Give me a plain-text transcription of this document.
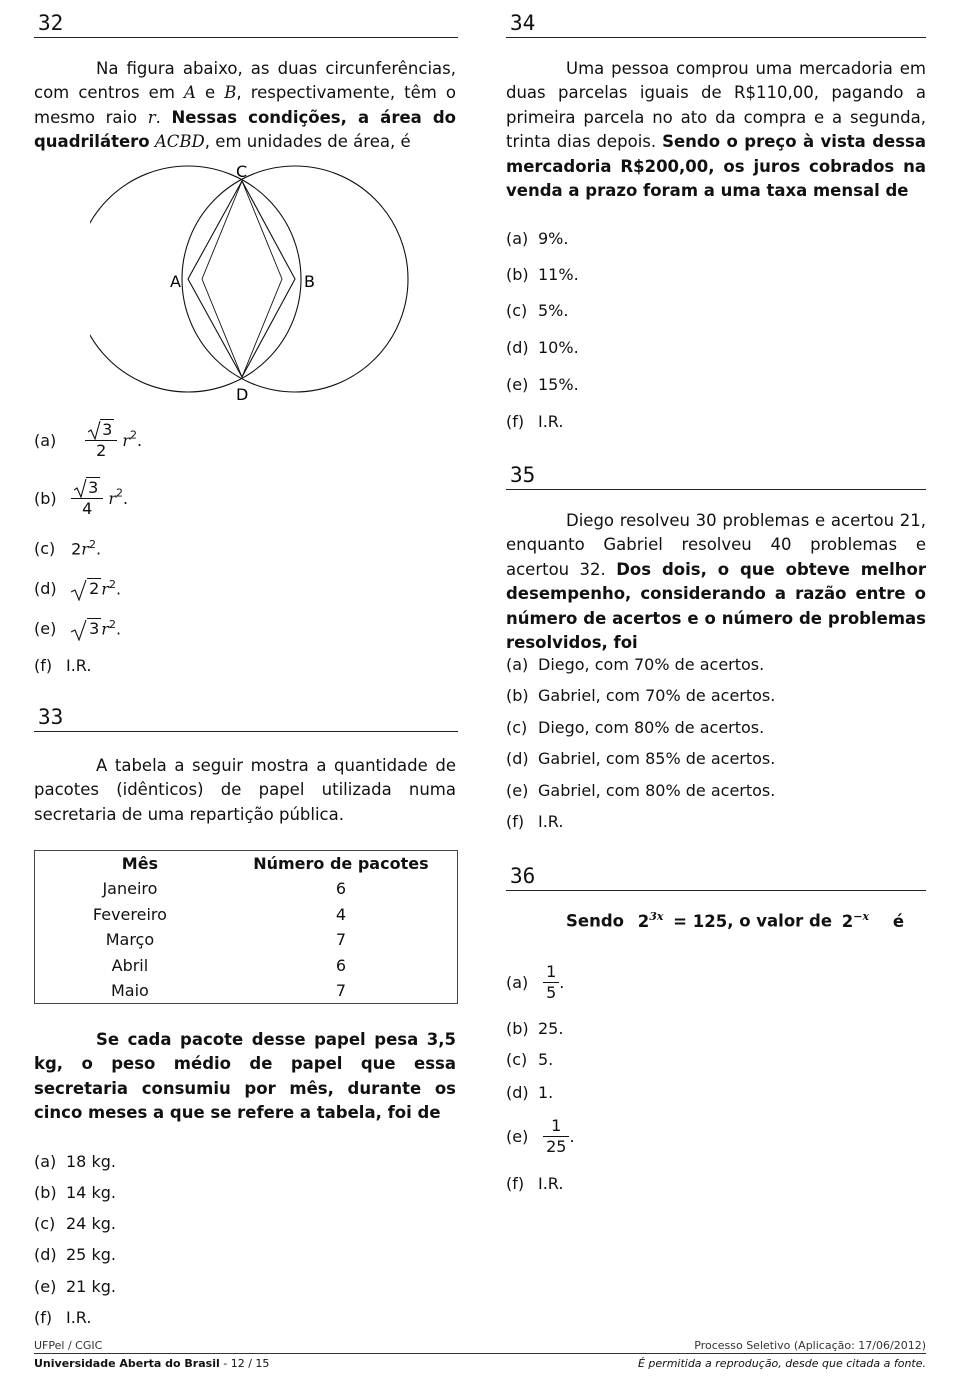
32
Na figura abaixo, as duas circunferências, com centros em A e B, respectivamente, têm o mesmo raio r. Nessas condições, a área do quadrilátero ACBD, em unidades de área, é
C
A	B
D
$(a) \frac{3}{2} r^2$.
$(b) \frac{3}{4} r^2$.
(c) $2r^2$.
(d) 2 $r^2$.
(e) 3 $r^2$.
(f) I.R.
33
A tabela a seguir mostra a quantidade de pacotes (idênticos) de papel utilizada numa secretaria de uma repartição pública.
Mês	Número de pacotes
Janeiro	6
Fevereiro	4
Março	7
Abril	6
Maio	7
Se cada pacote desse papel pesa 3,5 kg, o peso médio de papel que essa secretaria consumiu por mês, durante os cinco meses a que se refere a tabela, foi de
(a) 18 kg.
(b) 14 kg.
(c) 24 kg.
(d) 25 kg.
(e) 21 kg.
(f) I.R.
34
Uma pessoa comprou uma mercadoria em duas parcelas iguais de R$110,00, pagando a primeira parcela no ato da compra e a segunda, trinta dias depois. Sendo o preço à vista dessa mercadoria R$200,00, os juros cobrados na venda a prazo foram a uma taxa mensal de
(a) 9%.
(b) 11%.
(c) 5%.
(d) 10%.
(e) 15%.
(f) I.R.
35
Diego resolveu 30 problemas e acertou 21, enquanto Gabriel resolveu 40 problemas e acertou 32. Dos dois, o que obteve melhor desempenho, considerando a razão entre o número de acertos e o número de problemas resolvidos, foi
(a) Diego, com 70% de acertos.
(b) Gabriel, com 70% de acertos.
(c) Diego, com 80% de acertos.
(d) Gabriel, com 85% de acertos.
(e) Gabriel, com 80% de acertos.
(f) I.R.
36
Sendo $2^{3x} = 125$, o valor de $2^{-x}$ é
$(a) \frac{1}{5}$ .
(b) 25.
(c) 5.
(d) 1.
$(e) \frac{1}{25}$ .
(f) I.R.
UFPel / CGIC
Universidade Aberta do Brasil - 12 / 15
Processo Seletivo (Aplicação: 17/06/2012)
É permitida a reprodução, desde que citada a fonte.
